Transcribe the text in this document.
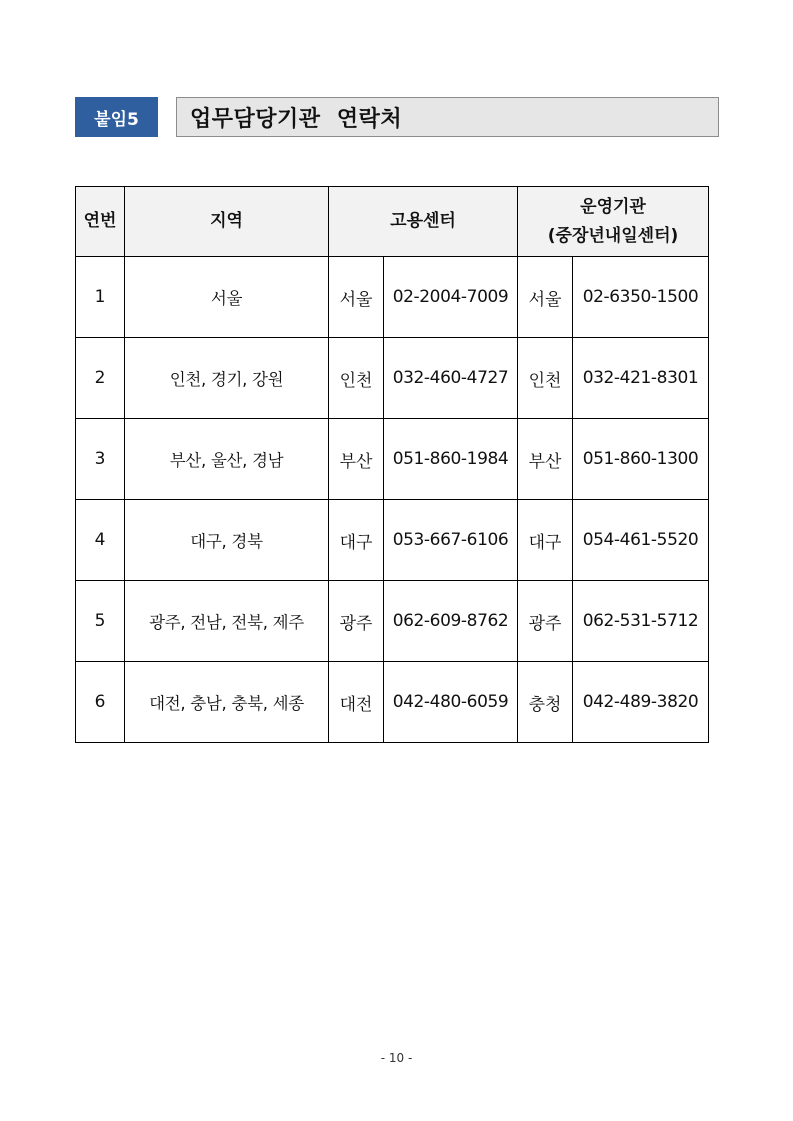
붙임5	업무담당기관  연락처
연번	지역	고용센터		운영기관
(중장년내일센터)	

1	서울	서울	02-2004-7009	서울	02-6350-1500
2	인천, 경기, 강원	인천	032-460-4727	인천	032-421-8301
3	부산, 울산, 경남	부산	051-860-1984	부산	051-860-1300
4	대구, 경북	대구	053-667-6106	대구	054-461-5520
5	광주, 전남, 전북, 제주	광주	062-609-8762	광주	062-531-5712
6	대전, 충남, 충북, 세종	대전	042-480-6059	충청	042-489-3820
- 10 -
